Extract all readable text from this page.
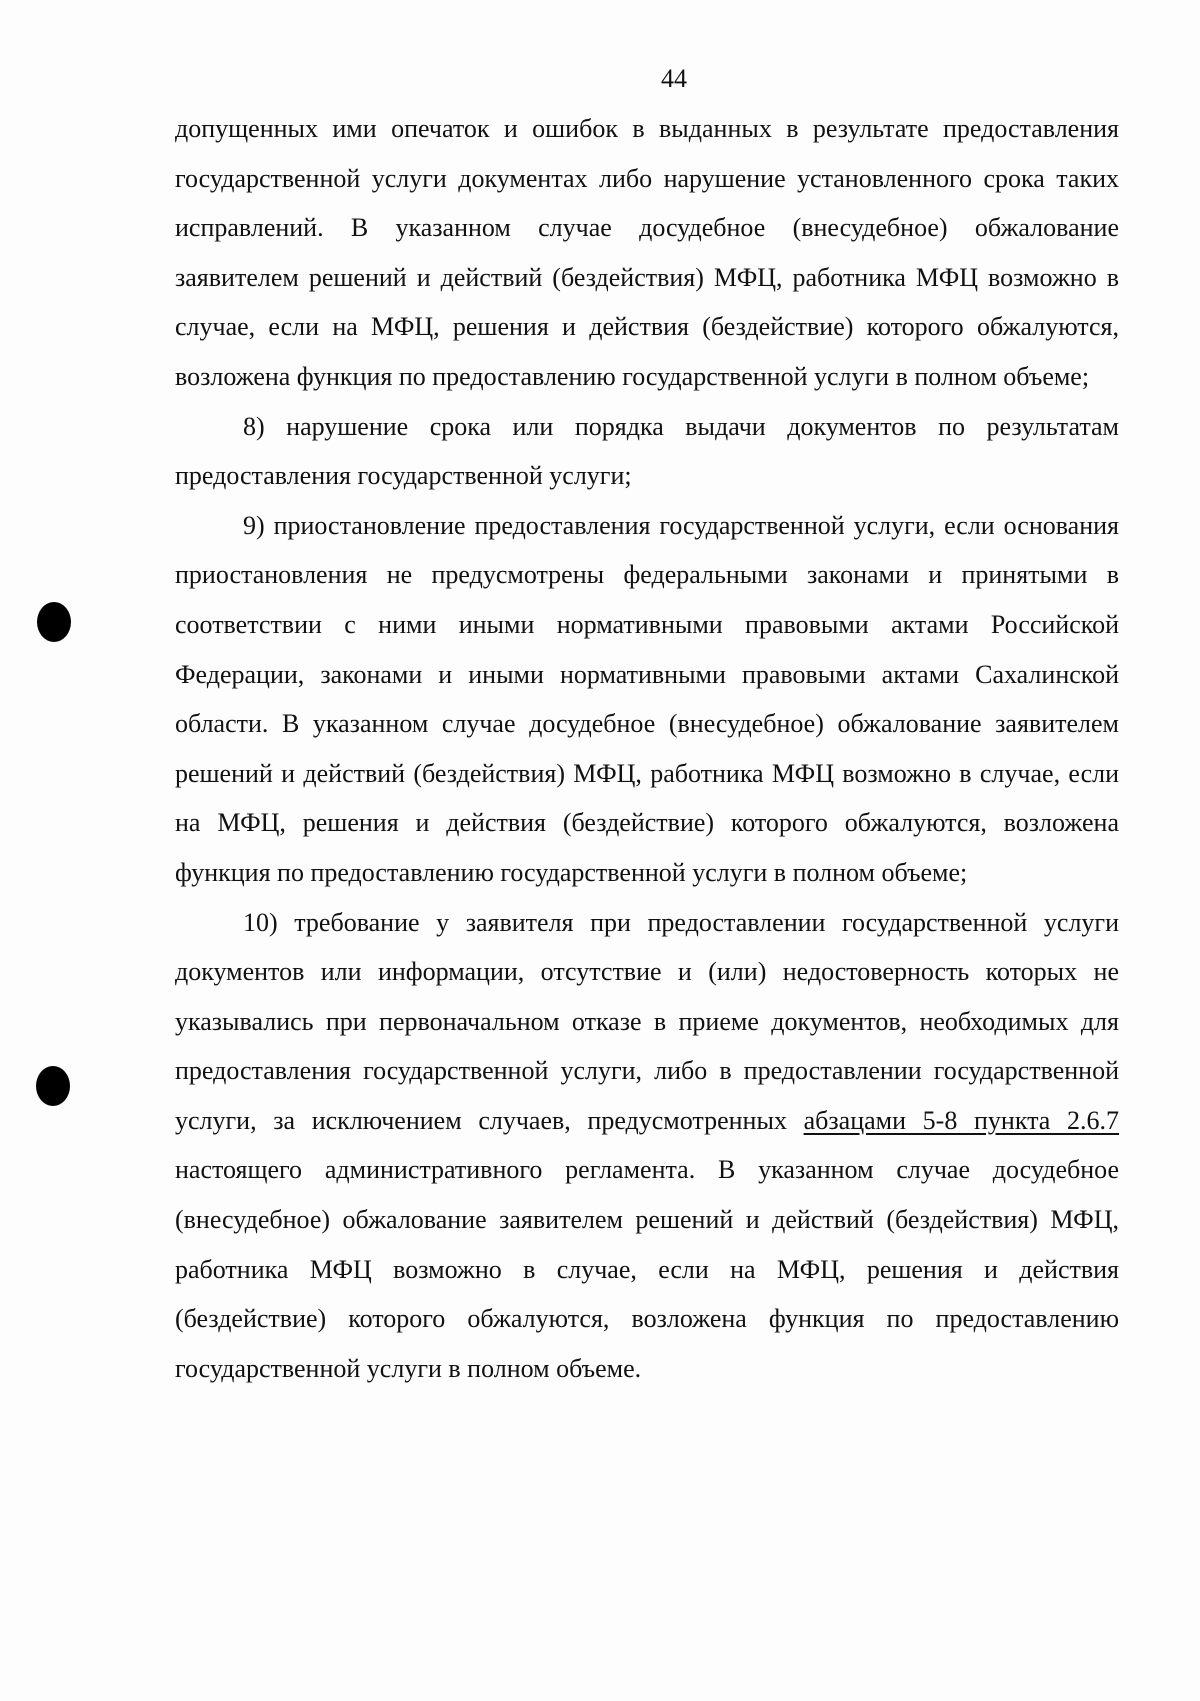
44

допущенных ими опечаток и ошибок в выданных в результате предоставления государственной услуги документах либо нарушение установленного срока таких исправлений. В указанном случае досудебное (внесудебное) обжалование заявителем решений и действий (бездействия) МФЦ, работника МФЦ возможно в случае, если на МФЦ, решения и действия (бездействие) которого обжалуются, возложена функция по предоставлению государственной услуги в полном объеме;

8) нарушение срока или порядка выдачи документов по результатам предоставления государственной услуги;

9) приостановление предоставления государственной услуги, если основания приостановления не предусмотрены федеральными законами и принятыми в соответствии с ними иными нормативными правовыми актами Российской Федерации, законами и иными нормативными правовыми актами Сахалинской области. В указанном случае досудебное (внесудебное) обжалование заявителем решений и действий (бездействия) МФЦ, работника МФЦ возможно в случае, если на МФЦ, решения и действия (бездействие) которого обжалуются, возложена функция по предоставлению государственной услуги в полном объеме;

10) требование у заявителя при предоставлении государственной услуги документов или информации, отсутствие и (или) недостоверность которых не указывались при первоначальном отказе в приеме документов, необходимых для предоставления государственной услуги, либо в предоставлении государственной услуги, за исключением случаев, предусмотренных абзацами 5-8 пункта 2.6.7 настоящего административного регламента. В указанном случае досудебное (внесудебное) обжалование заявителем решений и действий (бездействия) МФЦ, работника МФЦ возможно в случае, если на МФЦ, решения и действия (бездействие) которого обжалуются, возложена функция по предоставлению государственной услуги в полном объеме.
